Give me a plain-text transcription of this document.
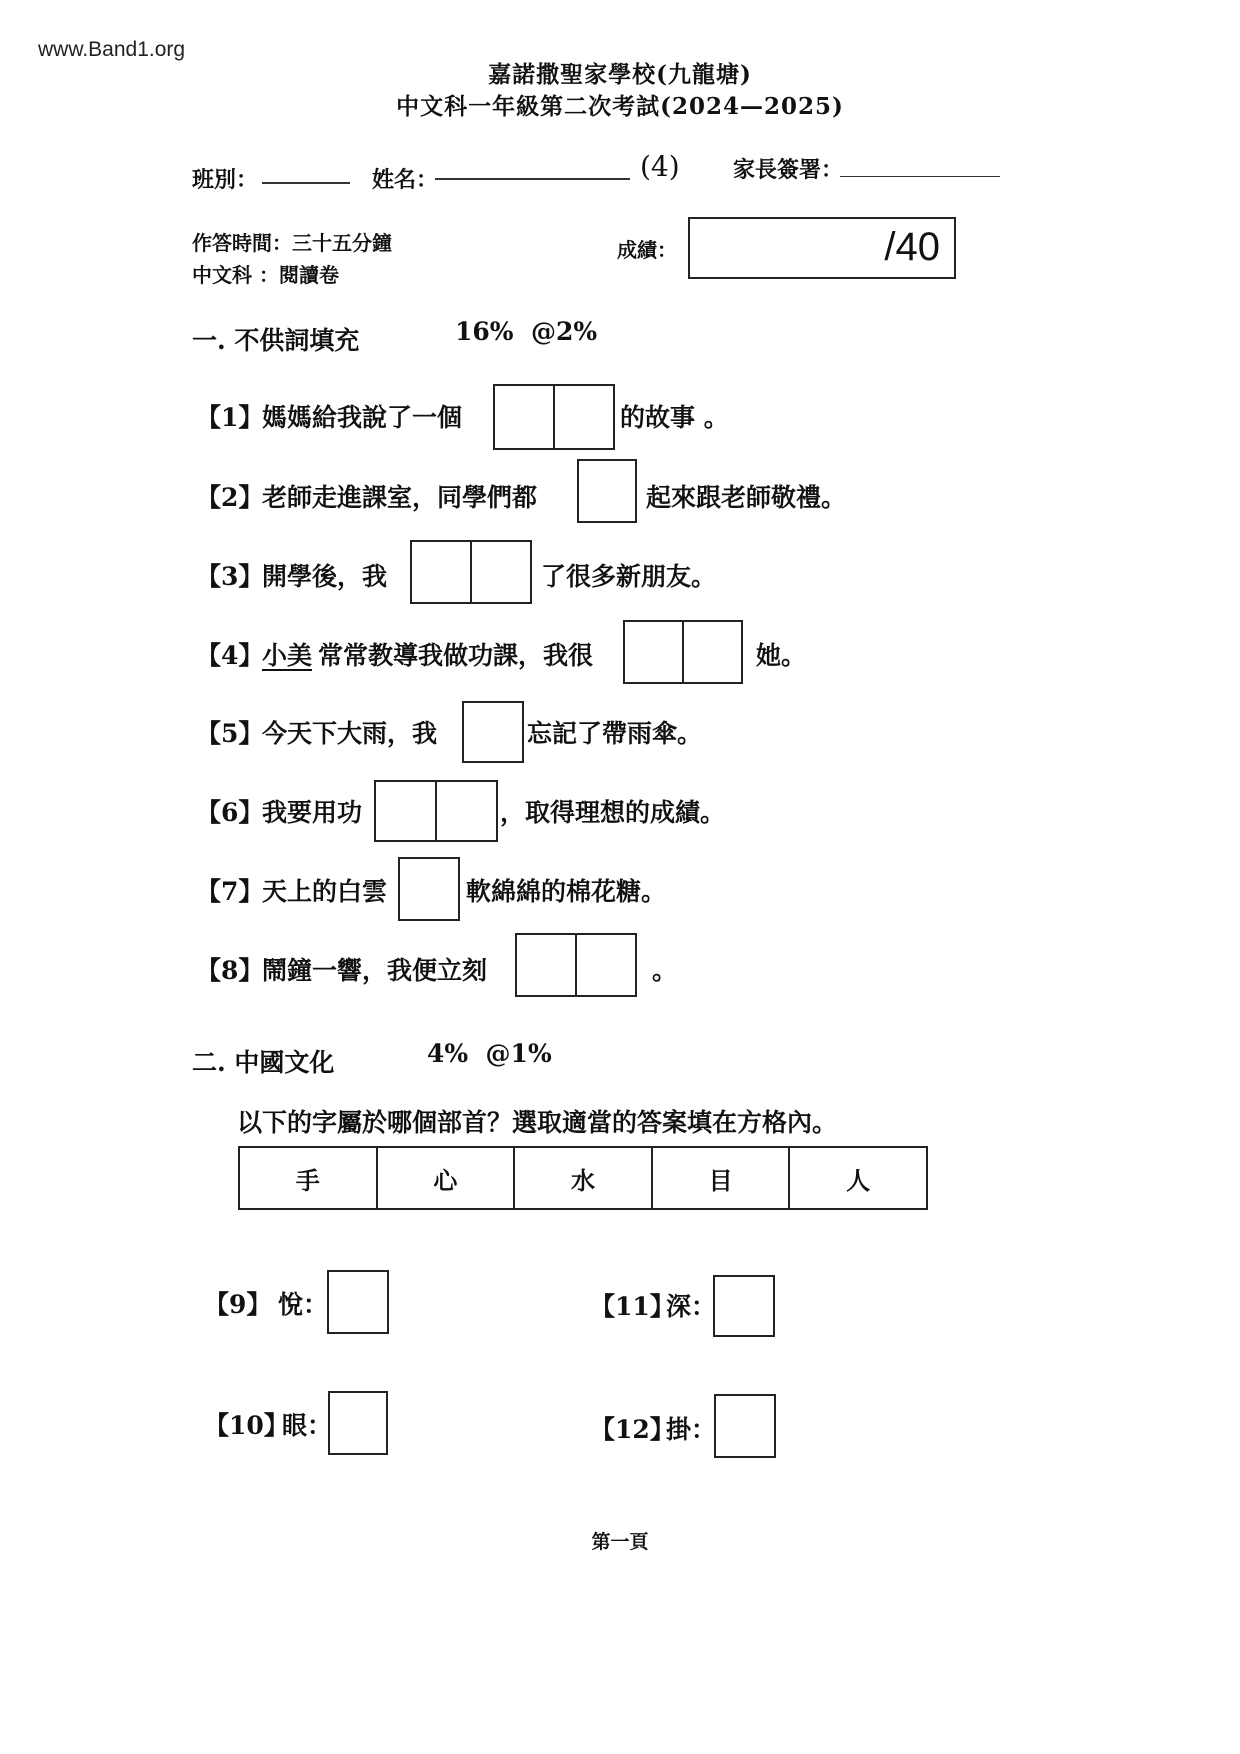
www.Band1.org
嘉諾撒聖家學校(九龍塘)
中文科一年級第二次考試(2024—2025)
班別：	姓名：	(4) 家長簽署：
作答時間：三十五分鐘
中文科 ：閱讀卷
成績：	/40
一. 不供詞填充	16%  @2%
【1】
媽媽給我說了一個	的故事 。
【2】
老師走進課室，同學們都	起來跟老師敬禮。
【3】
開學後，我	了很多新朋友。
【4】
小美 常常教導我做功課，我很	她。
【5】
今天下大雨，我	忘記了帶雨傘。
【6】
我要用功	，取得理想的成績。
【7】
天上的白雲	軟綿綿的棉花糖。
【8】
鬧鐘一響，我便立刻	。
二. 中國文化	4%  @1%
以下的字屬於哪個部首？選取適當的答案填在方格內。
手	心	水	目	人
【9】 悅：
【10】
眼：
【11】
深：
【12】
掛：
第一頁
